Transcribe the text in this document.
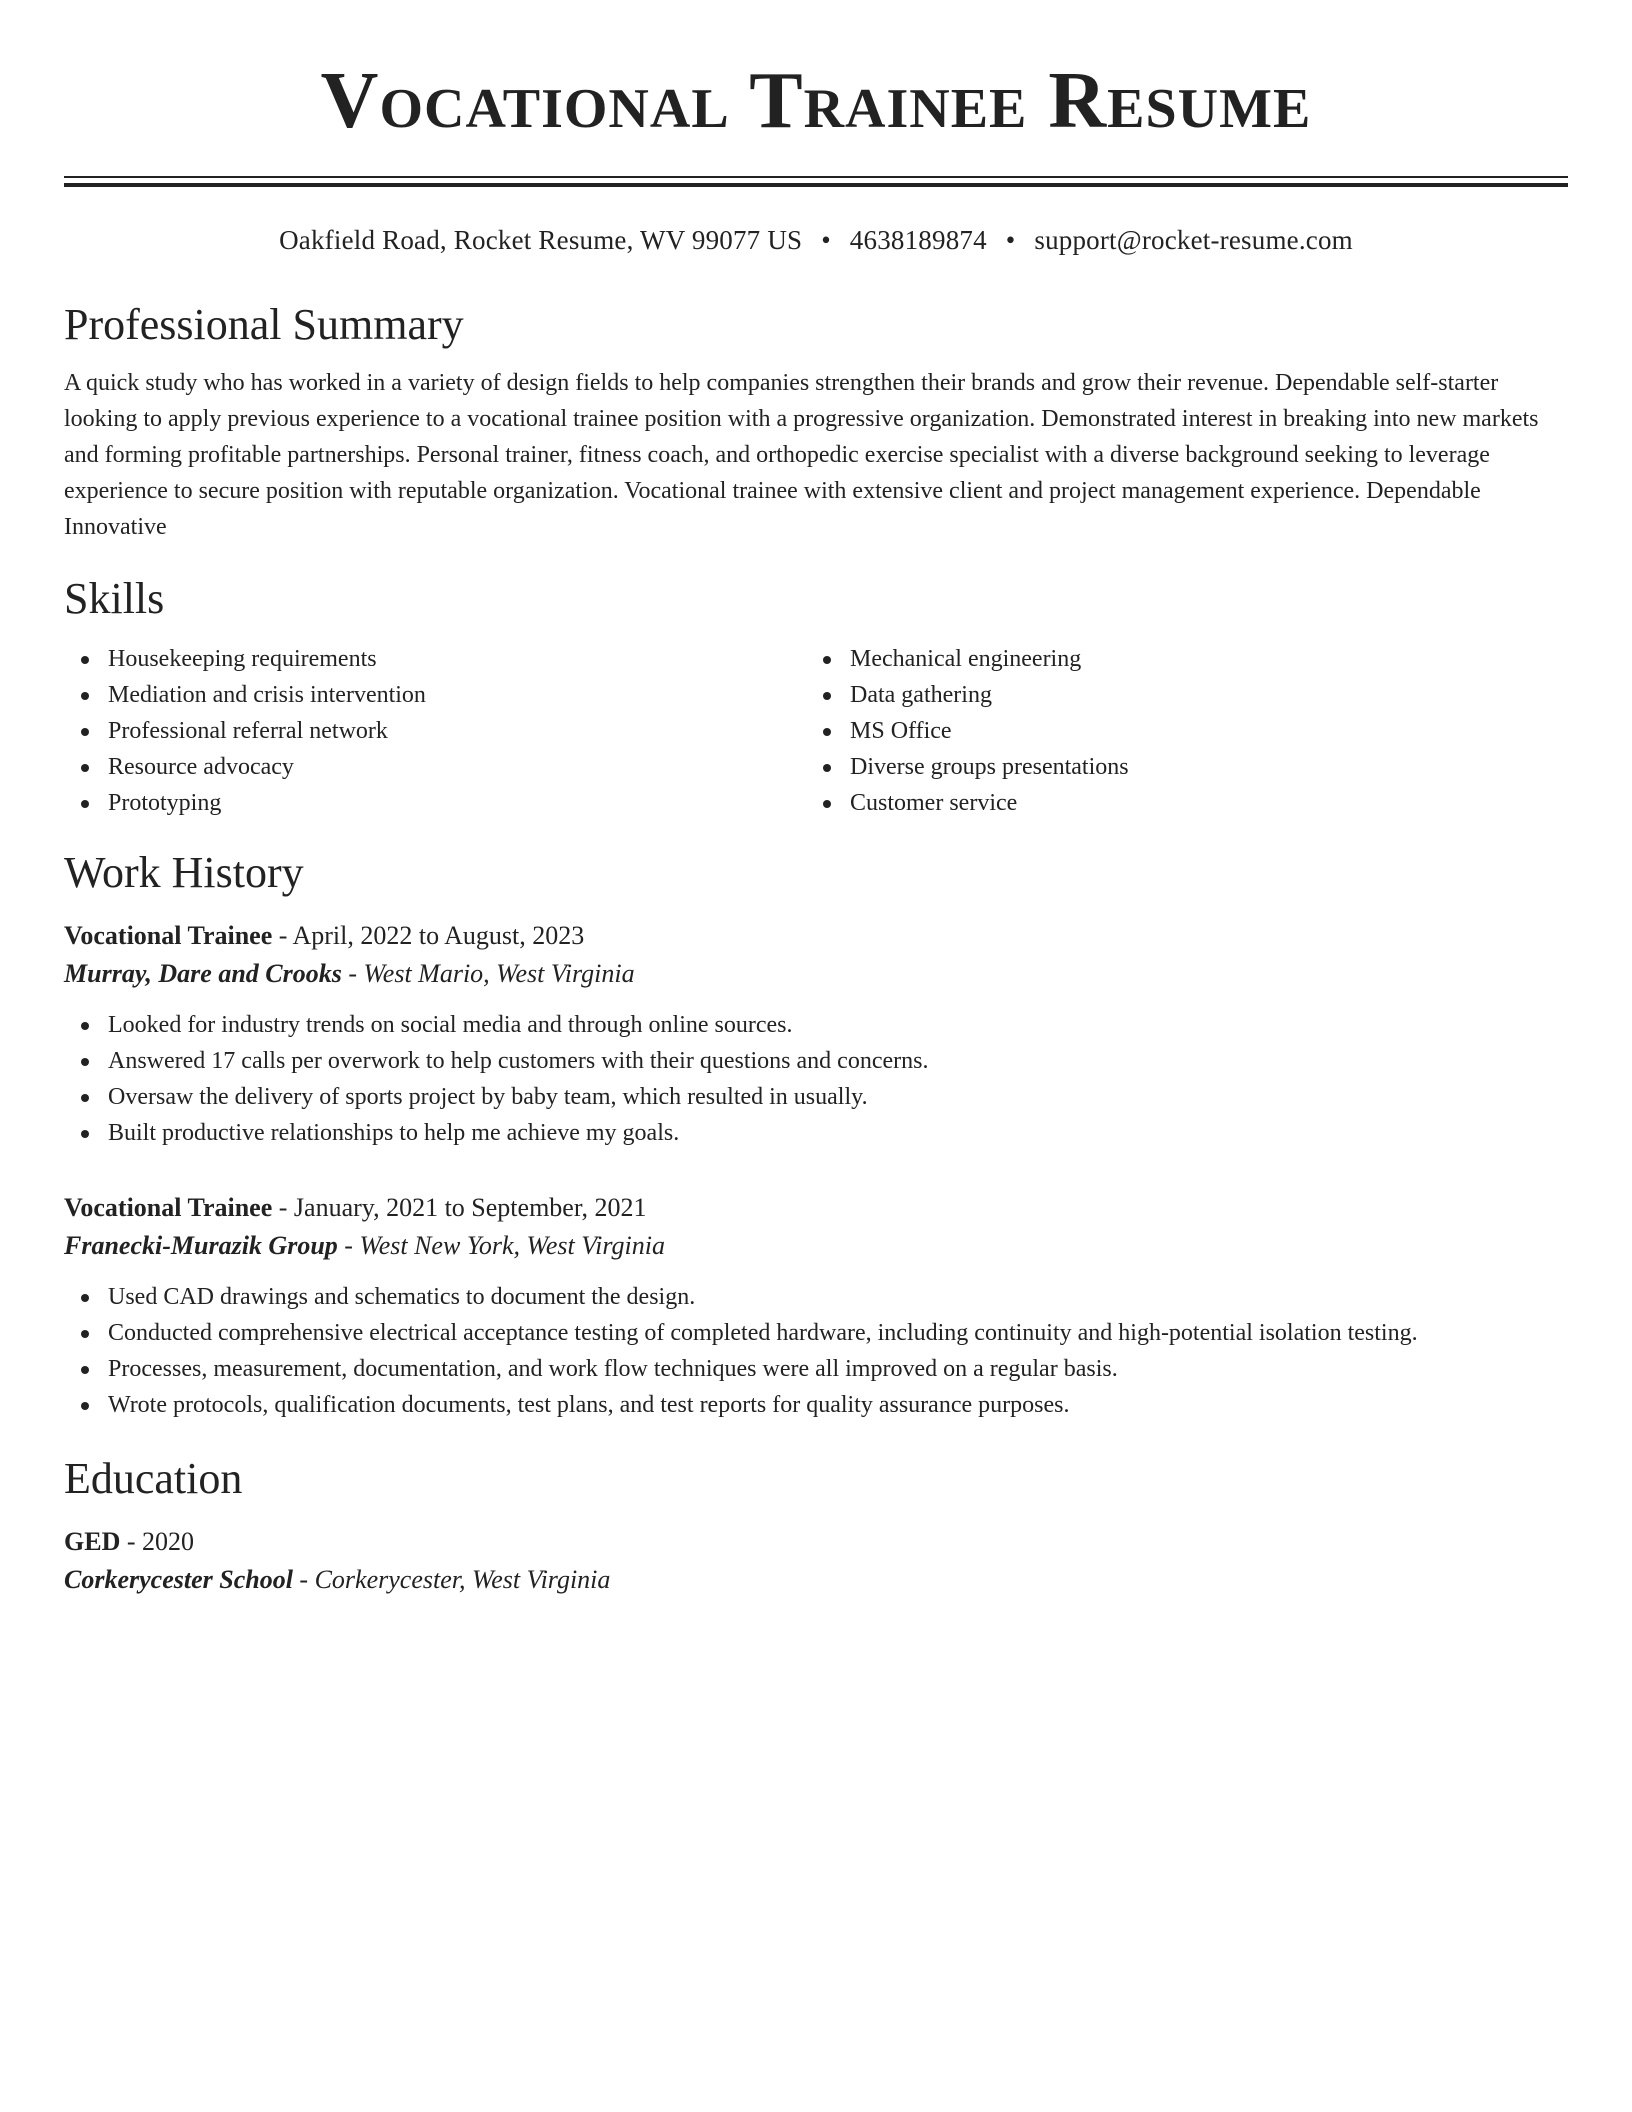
Vocational Trainee Resume
Oakfield Road, Rocket Resume, WV 99077 US • 4638189874 • support@rocket-resume.com
Professional Summary
A quick study who has worked in a variety of design fields to help companies strengthen their brands and grow their revenue. Dependable self-starter looking to apply previous experience to a vocational trainee position with a progressive organization. Demonstrated interest in breaking into new markets and forming profitable partnerships. Personal trainer, fitness coach, and orthopedic exercise specialist with a diverse background seeking to leverage experience to secure position with reputable organization. Vocational trainee with extensive client and project management experience. Dependable Innovative
Skills
Housekeeping requirements
Mediation and crisis intervention
Professional referral network
Resource advocacy
Prototyping
Mechanical engineering
Data gathering
MS Office
Diverse groups presentations
Customer service
Work History
Vocational Trainee - April, 2022 to August, 2023
Murray, Dare and Crooks - West Mario, West Virginia
Looked for industry trends on social media and through online sources.
Answered 17 calls per overwork to help customers with their questions and concerns.
Oversaw the delivery of sports project by baby team, which resulted in usually.
Built productive relationships to help me achieve my goals.
Vocational Trainee - January, 2021 to September, 2021
Franecki-Murazik Group - West New York, West Virginia
Used CAD drawings and schematics to document the design.
Conducted comprehensive electrical acceptance testing of completed hardware, including continuity and high-potential isolation testing.
Processes, measurement, documentation, and work flow techniques were all improved on a regular basis.
Wrote protocols, qualification documents, test plans, and test reports for quality assurance purposes.
Education
GED - 2020
Corkerycester School - Corkerycester, West Virginia
